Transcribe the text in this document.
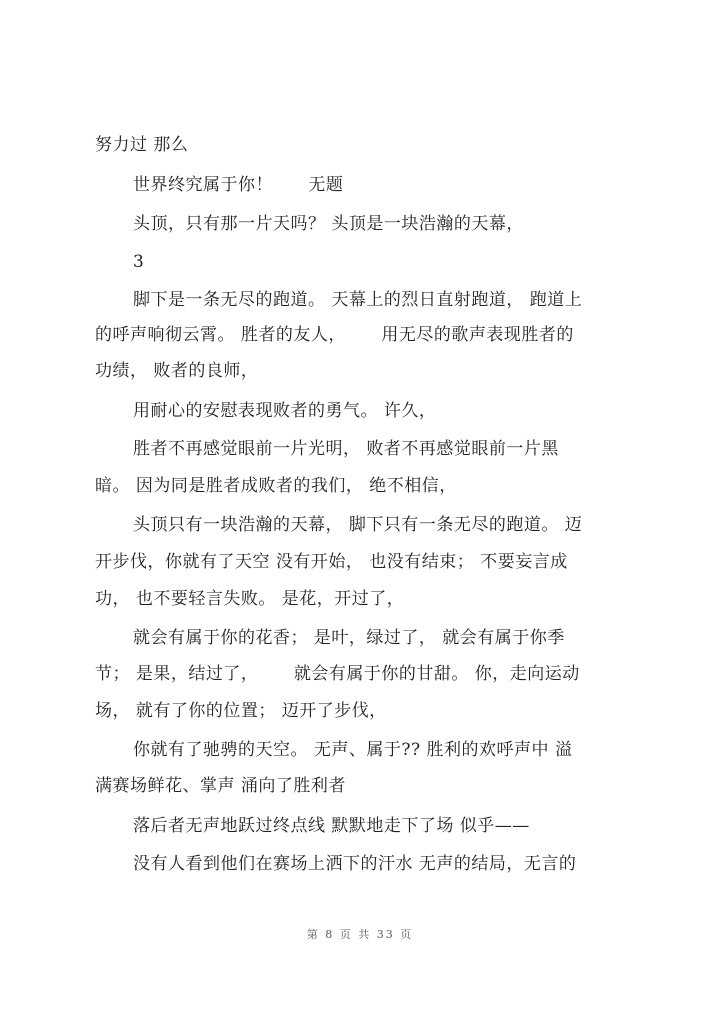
努力过 那么
世界终究属于你！      无题
头顶，只有那一片天吗？ 头顶是一块浩瀚的天幕，
3
脚下是一条无尽的跑道。 天幕上的烈日直射跑道， 跑道上
的呼声响彻云霄。 胜者的友人，      用无尽的歌声表现胜者的
功绩， 败者的良师，
用耐心的安慰表现败者的勇气。 许久，
胜者不再感觉眼前一片光明， 败者不再感觉眼前一片黑
暗。 因为同是胜者成败者的我们， 绝不相信，
头顶只有一块浩瀚的天幕， 脚下只有一条无尽的跑道。 迈
开步伐，你就有了天空 没有开始， 也没有结束； 不要妄言成
功， 也不要轻言失败。 是花，开过了，
就会有属于你的花香； 是叶，绿过了， 就会有属于你季
节； 是果，结过了，      就会有属于你的甘甜。 你，走向运动
场， 就有了你的位置； 迈开了步伐，
你就有了驰骋的天空。 无声、属于?? 胜利的欢呼声中 溢
满赛场鲜花、掌声 涌向了胜利者
落后者无声地跃过终点线 默默地走下了场 似乎——
没有人看到他们在赛场上洒下的汗水 无声的结局，无言的
第 8 页 共 33 页
